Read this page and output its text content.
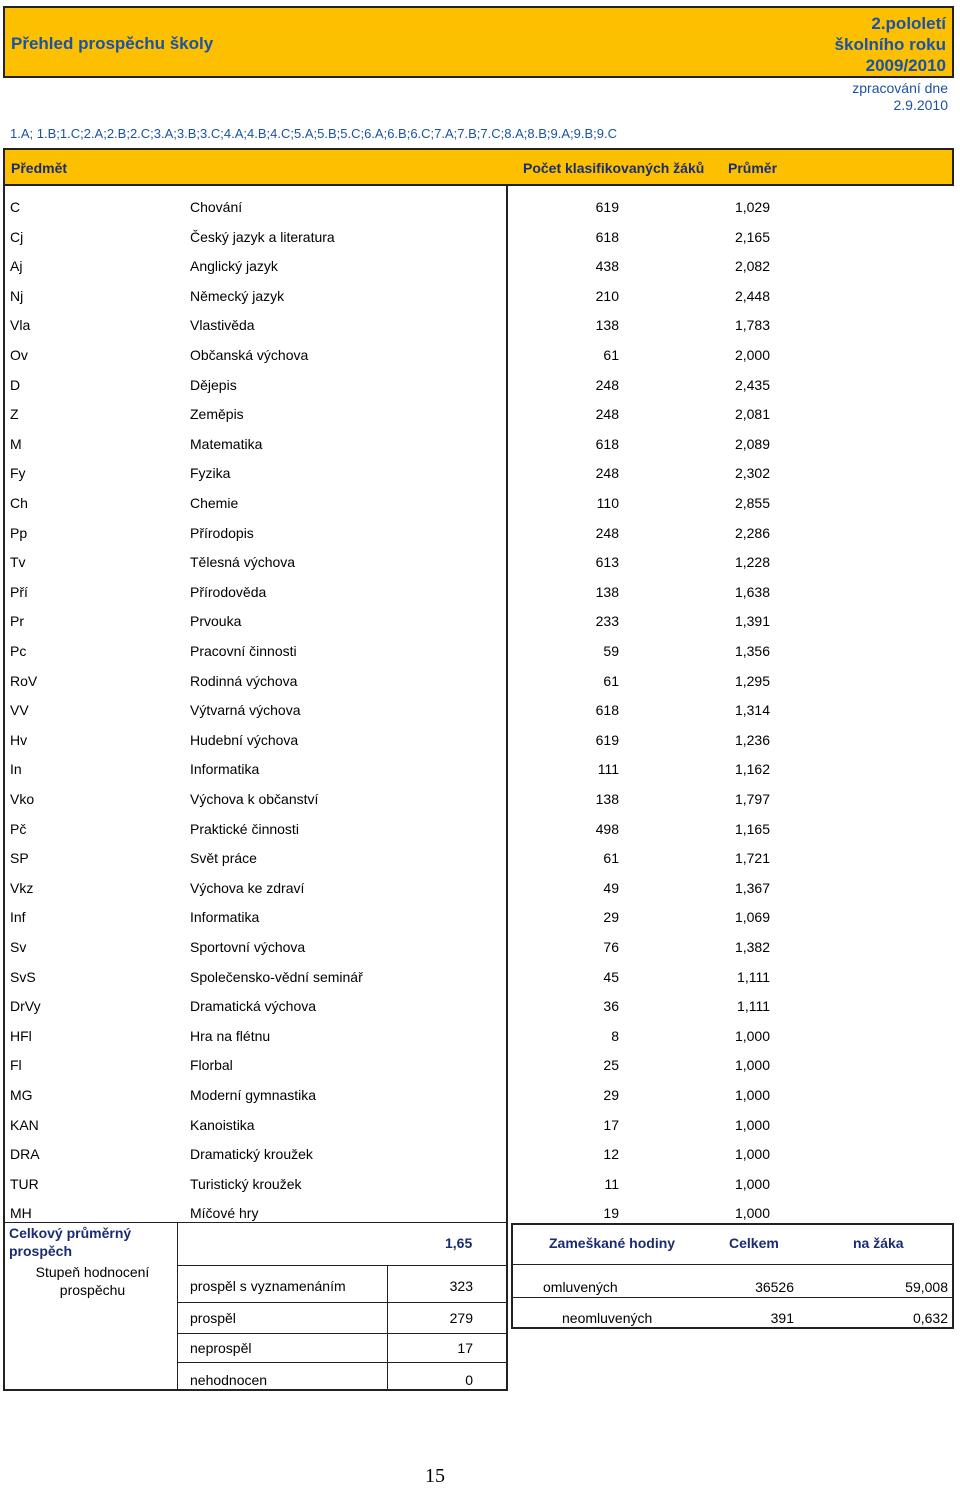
Přehled prospěchu školy
2.pololetí
školního roku
2009/2010
zpracování dne
2.9.2010
1.A; 1.B;1.C;2.A;2.B;2.C;3.A;3.B;3.C;4.A;4.B;4.C;5.A;5.B;5.C;6.A;6.B;6.C;7.A;7.B;7.C;8.A;8.B;9.A;9.B;9.C
Předmět	Počet klasifikovaných žáků Průměr
C	Chování	619	1,029
Cj	Český jazyk a literatura	618	2,165
Aj	Anglický jazyk	438	2,082
Nj	Německý jazyk	210	2,448
Vla	Vlastivěda	138	1,783
Ov	Občanská výchova	61	2,000
D	Dějepis	248	2,435
Z	Zeměpis	248	2,081
M	Matematika	618	2,089
Fy	Fyzika	248	2,302
Ch	Chemie	110	2,855
Pp	Přírodopis	248	2,286
Tv	Tělesná výchova	613	1,228
Pří	Přírodověda	138	1,638
Pr	Prvouka	233	1,391
Pc	Pracovní činnosti	59	1,356
RoV	Rodinná výchova	61	1,295
VV	Výtvarná výchova	618	1,314
Hv	Hudební výchova	619	1,236
In	Informatika	111	1,162
Vko	Výchova k občanství	138	1,797
Pč	Praktické činnosti	498	1,165
SP	Svět práce	61	1,721
Vkz	Výchova ke zdraví	49	1,367
Inf	Informatika	29	1,069
Sv	Sportovní výchova	76	1,382
SvS	Společensko-vědní seminář	45	1,111
DrVy	Dramatická výchova	36	1,111
HFl	Hra na flétnu	8	1,000
Fl	Florbal	25	1,000
MG	Moderní gymnastika	29	1,000
KAN	Kanoistika	17	1,000
DRA	Dramatický kroužek	12	1,000
TUR	Turistický kroužek	11	1,000
MH	Míčové hry	19	1,000
Celkový průměrný
prospěch	1,65
Stupeň hodnocení
prospěchu	prospěl s vyznamenáním	323
prospěl	279
neprospěl	17
nehodnocen	0
Zameškané hodiny	Celkem	na žáka
omluvených	36526	59,008
neomluvených	391	0,632
15
